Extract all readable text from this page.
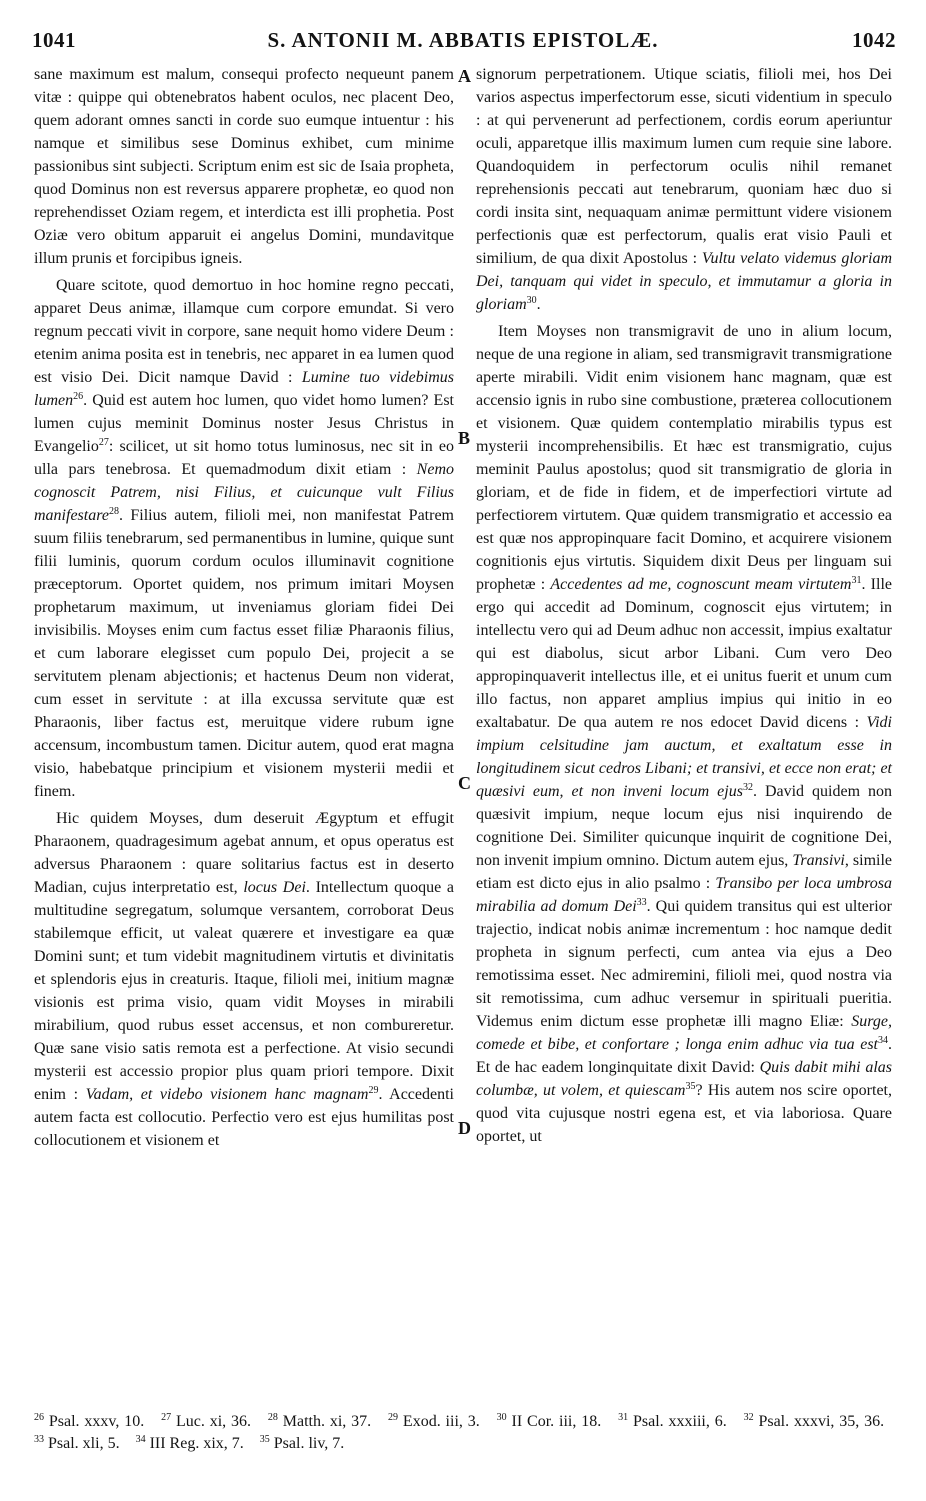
1041	S. ANTONII M. ABBATIS EPISTOLÆ.	1042
A
B
C
D

sane maximum est malum, consequi profecto nequeunt panem vitæ : quippe qui obtenebratos habent oculos, nec placent Deo, quem adorant omnes sancti in corde suo eumque intuentur : his namque et similibus sese Dominus exhibet, cum minime passionibus sint subjecti. Scriptum enim est sic de Isaia propheta, quod Dominus non est reversus apparere prophetæ, eo quod non reprehendisset Oziam regem, et interdicta est illi prophetia. Post Oziæ vero obitum apparuit ei angelus Domini, mundavitque illum prunis et forcipibus igneis.

Quare scitote, quod demortuo in hoc homine regno peccati, apparet Deus animæ, illamque cum corpore emundat. Si vero regnum peccati vivit in corpore, sane nequit homo videre Deum : etenim anima posita est in tenebris, nec apparet in ea lumen quod est visio Dei. Dicit namque David : Lumine tuo videbimus lumen$^{26}$. Quid est autem hoc lumen, quo videt homo lumen? Est lumen cujus meminit Dominus noster Jesus Christus in Evangelio$^{27}$: scilicet, ut sit homo totus luminosus, nec sit in eo ulla pars tenebrosa. Et quemadmodum dixit etiam : Nemo cognoscit Patrem, nisi Filius, et cuicunque vult Filius manifestare$^{28}$. Filius autem, filioli mei, non manifestat Patrem suum filiis tenebrarum, sed permanentibus in lumine, quique sunt filii luminis, quorum cordum oculos illuminavit cognitione præceptorum. Oportet quidem, nos primum imitari Moysen prophetarum maximum, ut inveniamus gloriam fidei Dei invisibilis. Moyses enim cum factus esset filiæ Pharaonis filius, et cum laborare elegisset cum populo Dei, projecit a se servitutem plenam abjectionis; et hactenus Deum non viderat, cum esset in servitute : at illa excussa servitute quæ est Pharaonis, liber factus est, meruitque videre rubum igne accensum, incombustum tamen. Dicitur autem, quod erat magna visio, habebatque principium et visionem mysterii medii et finem.

Hic quidem Moyses, dum deseruit Ægyptum et effugit Pharaonem, quadragesimum agebat annum, et opus operatus est adversus Pharaonem : quare solitarius factus est in deserto Madian, cujus interpretatio est, locus Dei. Intellectum quoque a multitudine segregatum, solumque versantem, corroborat Deus stabilemque efficit, ut valeat quærere et investigare ea quæ Domini sunt; et tum videbit magnitudinem virtutis et divinitatis et splendoris ejus in creaturis. Itaque, filioli mei, initium magnæ visionis est prima visio, quam vidit Moyses in mirabili mirabilium, quod rubus esset accensus, et non combureretur. Quæ sane visio satis remota est a perfectione. At visio secundi mysterii est accessio propior plus quam priori tempore. Dixit enim : Vadam, et videbo visionem hanc magnam$^{29}$. Accedenti autem facta est collocutio. Perfectio vero est ejus humilitas post collocutionem et visionem et

signorum perpetrationem. Utique sciatis, filioli mei, hos Dei varios aspectus imperfectorum esse, sicuti videntium in speculo : at qui pervenerunt ad perfectionem, cordis eorum aperiuntur oculi, apparetque illis maximum lumen cum requie sine labore. Quandoquidem in perfectorum oculis nihil remanet reprehensionis peccati aut tenebrarum, quoniam hæc duo si cordi insita sint, nequaquam animæ permittunt videre visionem perfectionis quæ est perfectorum, qualis erat visio Pauli et similium, de qua dixit Apostolus : Vultu velato videmus gloriam Dei, tanquam qui videt in speculo, et immutamur a gloria in gloriam$^{30}$.

Item Moyses non transmigravit de uno in alium locum, neque de una regione in aliam, sed transmigravit transmigratione aperte mirabili. Vidit enim visionem hanc magnam, quæ est accensio ignis in rubo sine combustione, præterea collocutionem et visionem. Quæ quidem contemplatio mirabilis typus est mysterii incomprehensibilis. Et hæc est transmigratio, cujus meminit Paulus apostolus; quod sit transmigratio de gloria in gloriam, et de fide in fidem, et de imperfectiori virtute ad perfectiorem virtutem. Quæ quidem transmigratio et accessio ea est quæ nos appropinquare facit Domino, et acquirere visionem cognitionis ejus virtutis. Siquidem dixit Deus per linguam sui prophetæ : Accedentes ad me, cognoscunt meam virtutem$^{31}$. Ille ergo qui accedit ad Dominum, cognoscit ejus virtutem; in intellectu vero qui ad Deum adhuc non accessit, impius exaltatur qui est diabolus, sicut arbor Libani. Cum vero Deo appropinquaverit intellectus ille, et ei unitus fuerit et unum cum illo factus, non apparet amplius impius qui initio in eo exaltabatur. De qua autem re nos edocet David dicens : Vidi impium celsitudine jam auctum, et exaltatum esse in longitudinem sicut cedros Libani; et transivi, et ecce non erat; et quæsivi eum, et non inveni locum ejus$^{32}$. David quidem non quæsivit impium, neque locum ejus nisi inquirendo de cognitione Dei. Similiter quicunque inquirit de cognitione Dei, non invenit impium omnino. Dictum autem ejus, Transivi, simile etiam est dicto ejus in alio psalmo : Transibo per loca umbrosa mirabilia ad domum Dei$^{33}$. Qui quidem transitus qui est ulterior trajectio, indicat nobis animæ incrementum : hoc namque dedit propheta in signum perfecti, cum antea via ejus a Deo remotissima esset. Nec admiremini, filioli mei, quod nostra via sit remotissima, cum adhuc versemur in spirituali pueritia. Videmus enim dictum esse prophetæ illi magno Eliæ: Surge, comede et bibe, et confortare ; longa enim adhuc via tua est$^{34}$. Et de hac eadem longinquitate dixit David: Quis dabit mihi alas columbæ, ut volem, et quiescam$^{35}$? His autem nos scire oportet, quod vita cujusque nostri egena est, et via laboriosa. Quare oportet, ut

$^{26}$ Psal. xxxv, 10. $^{27}$ Luc. xi, 36. $^{28}$ Matth. xi, 37. $^{29}$ Exod. iii, 3. $^{30}$ II Cor. iii, 18. $^{31}$ Psal. xxxiii, 6. $^{32}$ Psal. xxxvi, 35, 36. $^{33}$ Psal. xli, 5. $^{34}$ III Reg. xix, 7. $^{35}$ Psal. liv, 7.
